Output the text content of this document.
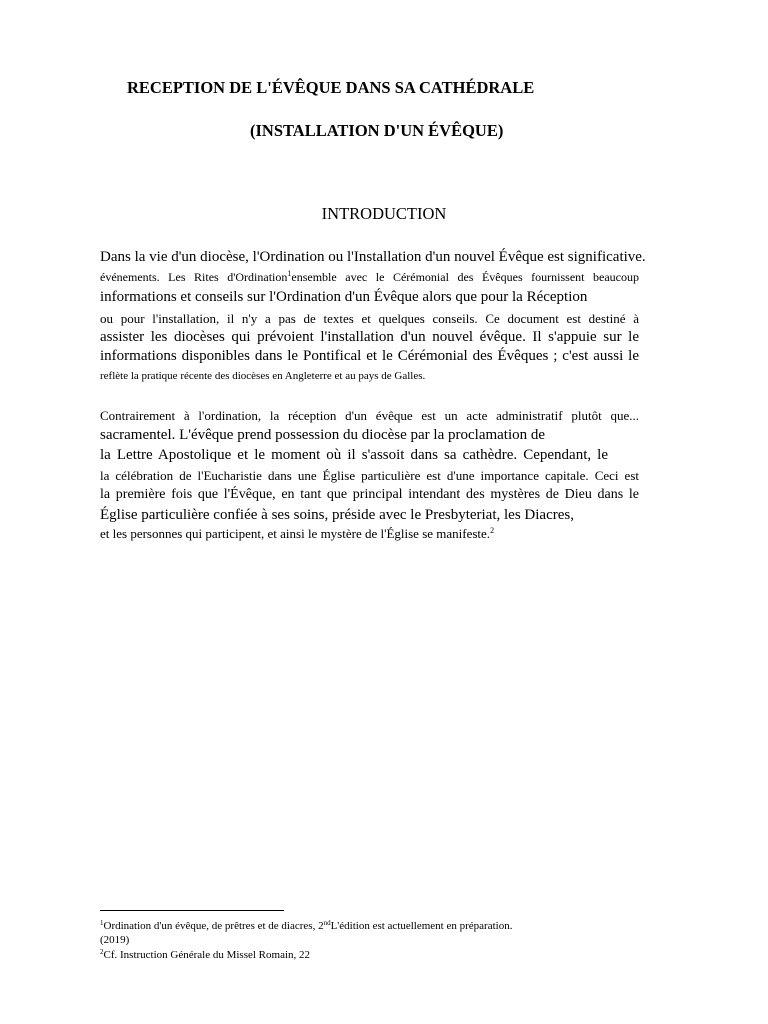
RECEPTION DE L'ÉVÊQUE DANS SA CATHÉDRALE
(INSTALLATION D'UN ÉVÊQUE)
INTRODUCTION
Dans la vie d'un diocèse, l'Ordination ou l'Installation d'un nouvel Évêque est significative.
événements. Les Rites d'Ordination$^1$ensemble avec le Cérémonial des Évêques fournissent beaucoup
informations et conseils sur l'Ordination d'un Évêque alors que pour la Réception
ou pour l'installation, il n'y a pas de textes et quelques conseils. Ce document est destiné à
assister les diocèses qui prévoient l'installation d'un nouvel évêque. Il s'appuie sur le
informations disponibles dans le Pontifical et le Cérémonial des Évêques ; c'est aussi le
reflète la pratique récente des diocèses en Angleterre et au pays de Galles.
Contrairement à l'ordination, la réception d'un évêque est un acte administratif plutôt que...
sacramentel. L'évêque prend possession du diocèse par la proclamation de
la Lettre Apostolique et le moment où il s'assoit dans sa cathèdre. Cependant, le
la célébration de l'Eucharistie dans une Église particulière est d'une importance capitale. Ceci est
la première fois que l'Évêque, en tant que principal intendant des mystères de Dieu dans le
Église particulière confiée à ses soins, préside avec le Presbyteriat, les Diacres,
et les personnes qui participent, et ainsi le mystère de l'Église se manifeste.$^2$
$^1$Ordination d'un évêque, de prêtres et de diacres, 2ndL'édition est actuellement en préparation.
(2019)
$^2$Cf. Instruction Générale du Missel Romain, 22
